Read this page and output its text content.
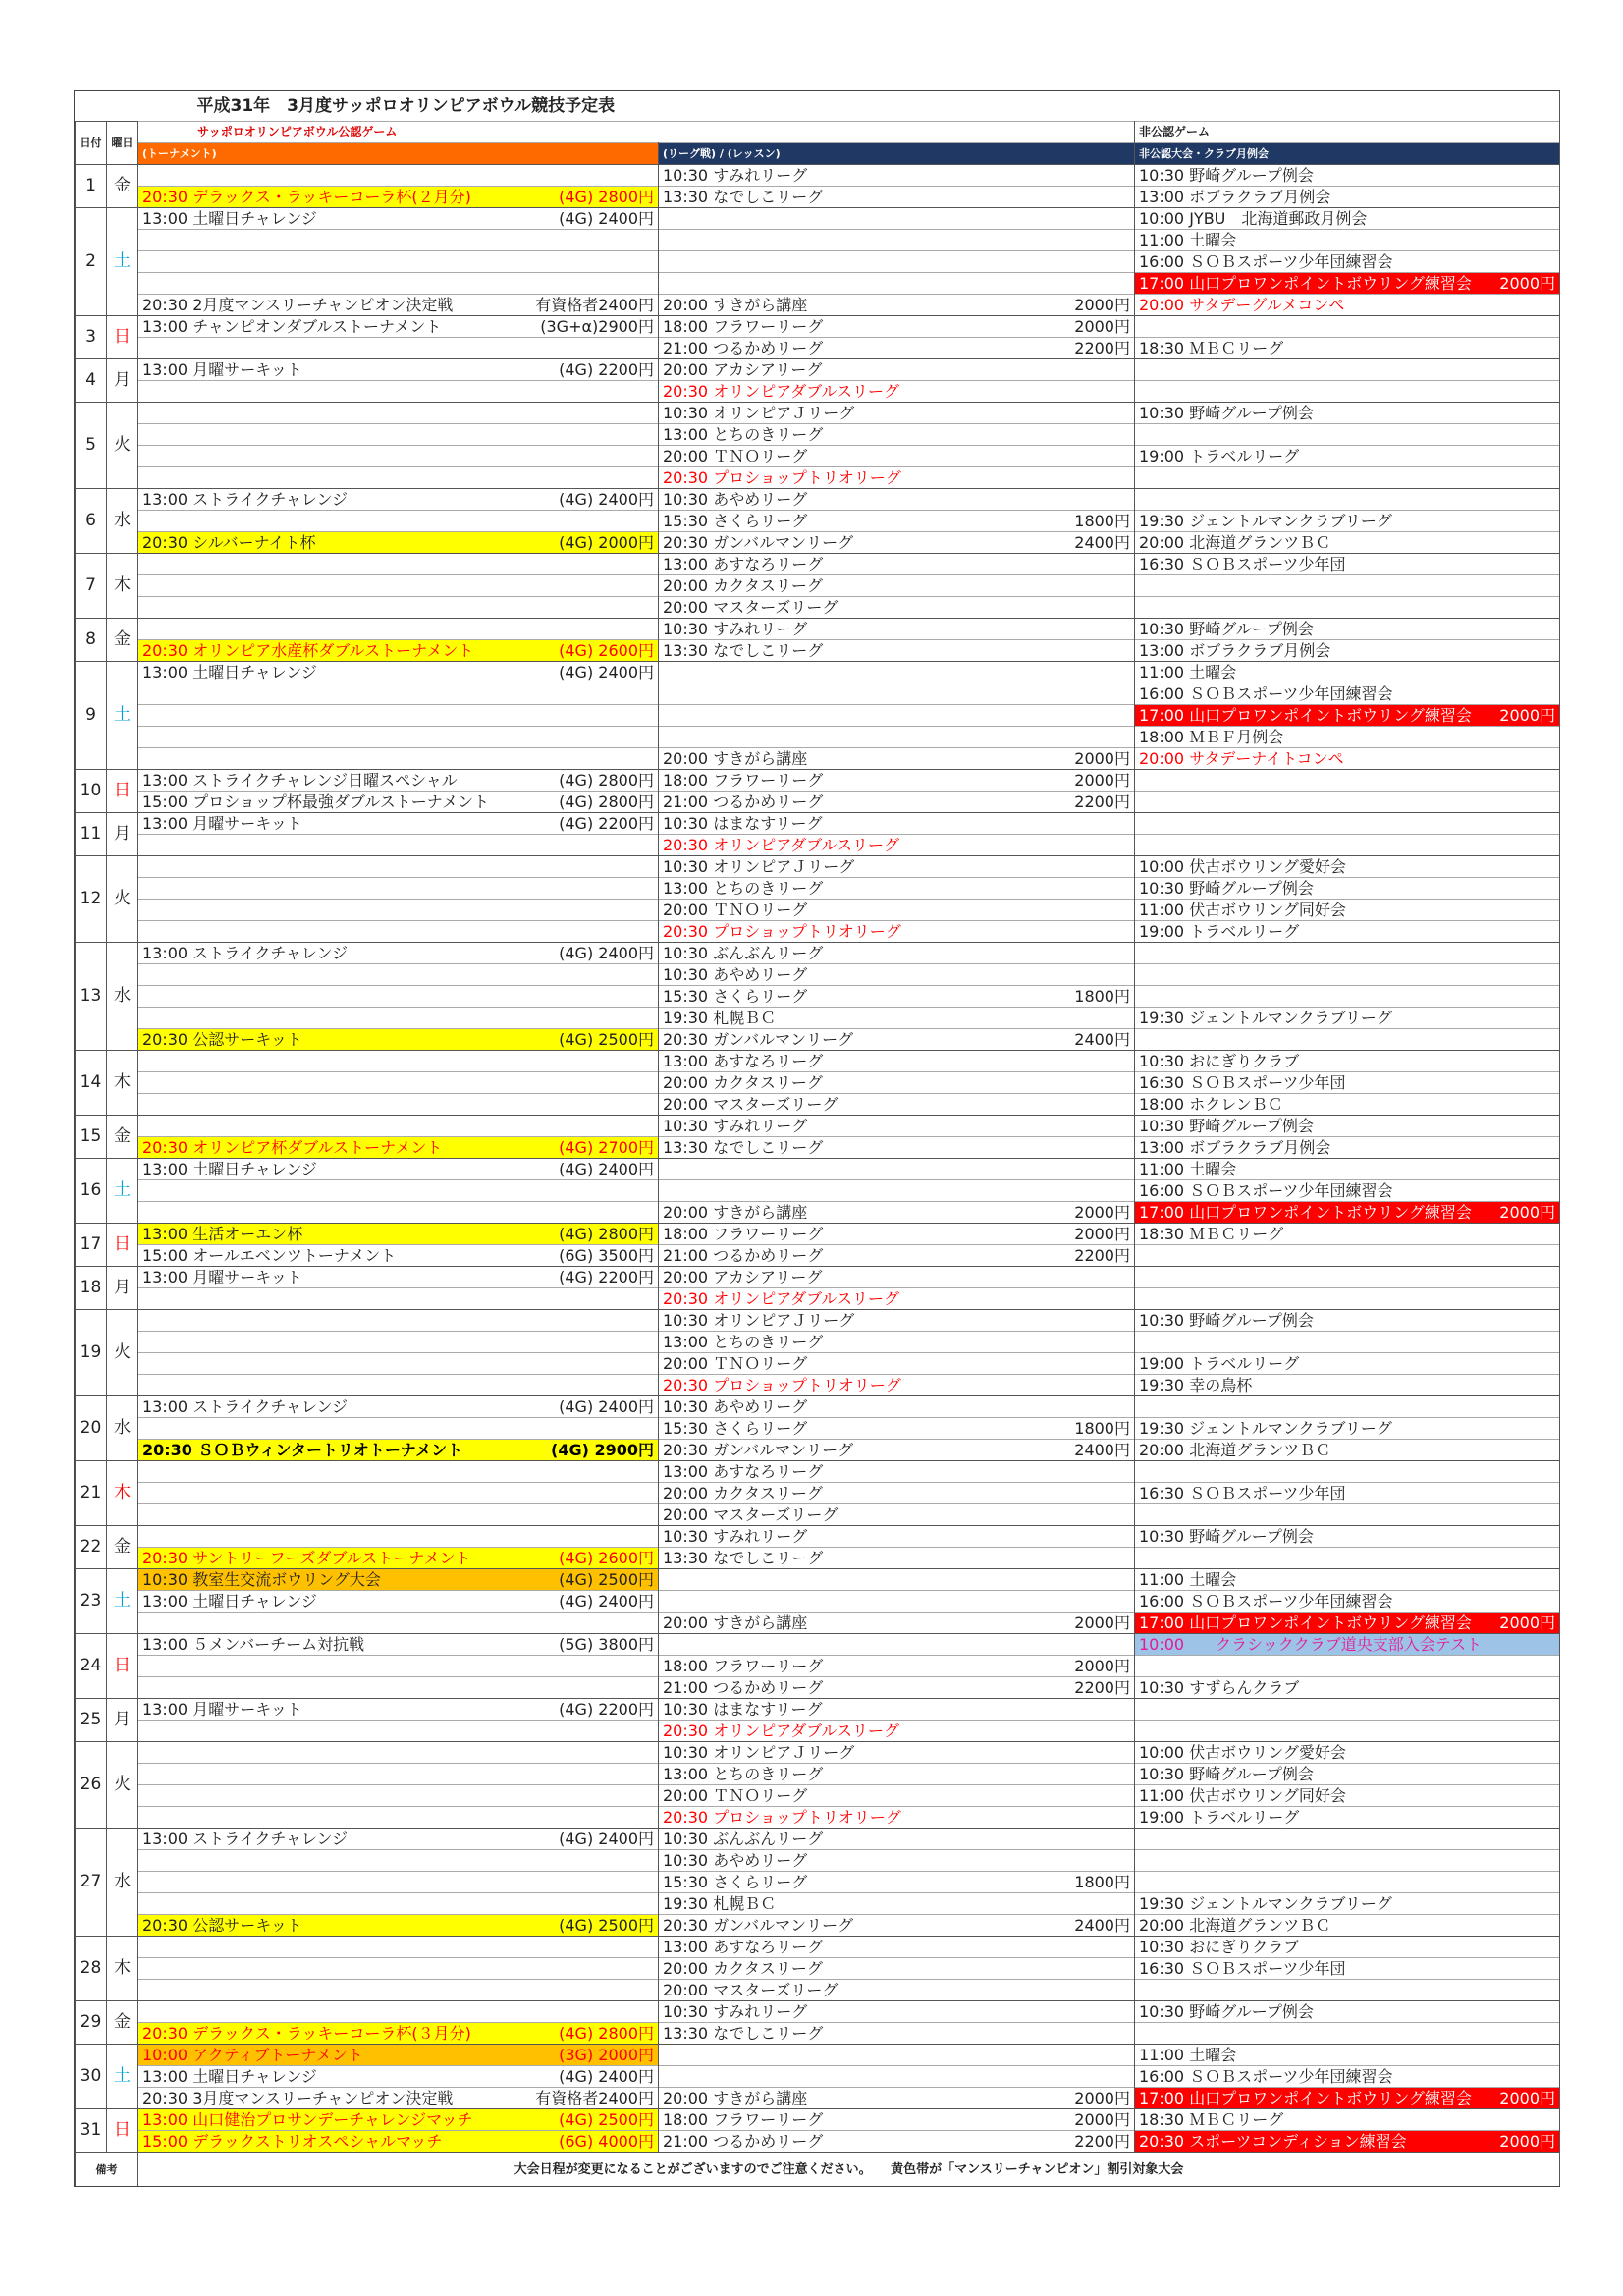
		平成31年　3月度サッポロオリンピアボウル競技予定表		
日付	曜日	サッポロオリンピアボウル公認ゲーム		非公認ゲーム
		(トーナメント)	(リーグ戦) / (レッスン)	非公認大会・クラブ月例会
1	金		10:30 すみれリーグ	10:30 野崎グループ例会

		20:30 デラックス・ラッキーコーラ杯(２月分) (4G) 2800円	13:30 なでしこリーグ	13:00 ボブラクラブ月例会

2	土	13:00 土曜日チャレンジ (4G) 2400円		10:00 JYBU　北海道郵政月例会

				11:00 土曜会

				16:00 ＳＯＢスポーツ少年団練習会

				17:00 山口プロワンポイントボウリング練習会 2000円

		20:30 2月度マンスリーチャンピオン決定戦 有資格者2400円	20:00 すきがら講座 2000円	20:00 サタデーグルメコンペ

3	日	13:00 チャンピオンダブルストーナメント (3G+α)2900円	18:00 フラワーリーグ 2000円	

			21:00 つるかめリーグ 2200円	18:30 ＭＢＣリーグ

4	月	13:00 月曜サーキット (4G) 2200円	20:00 アカシアリーグ	

			20:30 オリンピアダブルスリーグ	

5	火		10:30 オリンピアＪリーグ	10:30 野崎グループ例会

			13:00 とちのきリーグ	

			20:00 ＴＮＯリーグ	19:00 トラベルリーグ

			20:30 プロショップトリオリーグ	

6	水	13:00 ストライクチャレンジ (4G) 2400円	10:30 あやめリーグ	

			15:30 さくらリーグ 1800円	19:30 ジェントルマンクラブリーグ

		20:30 シルバーナイト杯 (4G) 2000円	20:30 ガンバルマンリーグ 2400円	20:00 北海道グランツＢＣ

7	木		13:00 あすなろリーグ	16:30 ＳＯＢスポーツ少年団

			20:00 カクタスリーグ	

			20:00 マスターズリーグ	

8	金		10:30 すみれリーグ	10:30 野崎グループ例会

		20:30 オリンピア水産杯ダブルストーナメント (4G) 2600円	13:30 なでしこリーグ	13:00 ボブラクラブ月例会

9	土	13:00 土曜日チャレンジ (4G) 2400円		11:00 土曜会

				16:00 ＳＯＢスポーツ少年団練習会

				17:00 山口プロワンポイントボウリング練習会 2000円

				18:00 ＭＢＦ月例会

			20:00 すきがら講座 2000円	20:00 サタデーナイトコンペ

10	日	13:00 ストライクチャレンジ日曜スペシャル (4G) 2800円	18:00 フラワーリーグ 2000円	

		15:00 プロショップ杯最強ダブルストーナメント (4G) 2800円	21:00 つるかめリーグ 2200円	

11	月	13:00 月曜サーキット (4G) 2200円	10:30 はまなすリーグ	

			20:30 オリンピアダブルスリーグ	

12	火		10:30 オリンピアＪリーグ	10:00 伏古ボウリング愛好会

			13:00 とちのきリーグ	10:30 野崎グループ例会

			20:00 ＴＮＯリーグ	11:00 伏古ボウリング同好会

			20:30 プロショップトリオリーグ	19:00 トラベルリーグ

13	水	13:00 ストライクチャレンジ (4G) 2400円	10:30 ぶんぶんリーグ	

			10:30 あやめリーグ	

			15:30 さくらリーグ 1800円	

			19:30 札幌ＢＣ	19:30 ジェントルマンクラブリーグ

		20:30 公認サーキット (4G) 2500円	20:30 ガンバルマンリーグ 2400円	

14	木		13:00 あすなろリーグ	10:30 おにぎりクラブ

			20:00 カクタスリーグ	16:30 ＳＯＢスポーツ少年団

			20:00 マスターズリーグ	18:00 ホクレンＢＣ

15	金		10:30 すみれリーグ	10:30 野崎グループ例会

		20:30 オリンピア杯ダブルストーナメント (4G) 2700円	13:30 なでしこリーグ	13:00 ボブラクラブ月例会

16	土	13:00 土曜日チャレンジ (4G) 2400円		11:00 土曜会

				16:00 ＳＯＢスポーツ少年団練習会

			20:00 すきがら講座 2000円	17:00 山口プロワンポイントボウリング練習会 2000円

17	日	13:00 生活オーエン杯 (4G) 2800円	18:00 フラワーリーグ 2000円	18:30 ＭＢＣリーグ

		15:00 オールエベンツトーナメント (6G) 3500円	21:00 つるかめリーグ 2200円	

18	月	13:00 月曜サーキット (4G) 2200円	20:00 アカシアリーグ	

			20:30 オリンピアダブルスリーグ	

19	火		10:30 オリンピアＪリーグ	10:30 野崎グループ例会

			13:00 とちのきリーグ	

			20:00 ＴＮＯリーグ	19:00 トラベルリーグ

			20:30 プロショップトリオリーグ	19:30 幸の鳥杯

20	水	13:00 ストライクチャレンジ (4G) 2400円	10:30 あやめリーグ	

			15:30 さくらリーグ 1800円	19:30 ジェントルマンクラブリーグ

		20:30 ＳＯＢウィンタートリオトーナメント (4G) 2900円	20:30 ガンバルマンリーグ 2400円	20:00 北海道グランツＢＣ

21	木		13:00 あすなろリーグ	

			20:00 カクタスリーグ	16:30 ＳＯＢスポーツ少年団

			20:00 マスターズリーグ	

22	金		10:30 すみれリーグ	10:30 野崎グループ例会

		20:30 サントリーフーズダブルストーナメント (4G) 2600円	13:30 なでしこリーグ	

23	土	10:30 教室生交流ボウリング大会 (4G) 2500円		11:00 土曜会

		13:00 土曜日チャレンジ (4G) 2400円		16:00 ＳＯＢスポーツ少年団練習会

			20:00 すきがら講座 2000円	17:00 山口プロワンポイントボウリング練習会 2000円

24	日	13:00 ５メンバーチーム対抗戦 (5G) 3800円		10:00　　クラシッククラブ道央支部入会テスト

			18:00 フラワーリーグ 2000円	

			21:00 つるかめリーグ 2200円	10:30 すずらんクラブ

25	月	13:00 月曜サーキット (4G) 2200円	10:30 はまなすリーグ	

			20:30 オリンピアダブルスリーグ	

26	火		10:30 オリンピアＪリーグ	10:00 伏古ボウリング愛好会

			13:00 とちのきリーグ	10:30 野崎グループ例会

			20:00 ＴＮＯリーグ	11:00 伏古ボウリング同好会

			20:30 プロショップトリオリーグ	19:00 トラベルリーグ

27	水	13:00 ストライクチャレンジ (4G) 2400円	10:30 ぶんぶんリーグ	

			10:30 あやめリーグ	

			15:30 さくらリーグ 1800円	

			19:30 札幌ＢＣ	19:30 ジェントルマンクラブリーグ

		20:30 公認サーキット (4G) 2500円	20:30 ガンバルマンリーグ 2400円	20:00 北海道グランツＢＣ

28	木		13:00 あすなろリーグ	10:30 おにぎりクラブ

			20:00 カクタスリーグ	16:30 ＳＯＢスポーツ少年団

			20:00 マスターズリーグ	

29	金		10:30 すみれリーグ	10:30 野崎グループ例会

		20:30 デラックス・ラッキーコーラ杯(３月分) (4G) 2800円	13:30 なでしこリーグ	

30	土	10:00 アクティブトーナメント (3G) 2000円		11:00 土曜会

		13:00 土曜日チャレンジ (4G) 2400円		16:00 ＳＯＢスポーツ少年団練習会

		20:30 3月度マンスリーチャンピオン決定戦 有資格者2400円	20:00 すきがら講座 2000円	17:00 山口プロワンポイントボウリング練習会 2000円

31	日	13:00 山口健治プロサンデーチャレンジマッチ (4G) 2500円	18:00 フラワーリーグ 2000円	18:30 ＭＢＣリーグ

		15:00 デラックストリオスペシャルマッチ (6G) 4000円	21:00 つるかめリーグ 2200円	20:30 スポーツコンディション練習会 2000円

備考		大会日程が変更になることがございますのでご注意ください。　　黄色帯が「マンスリーチャンピオン」割引対象大会		
